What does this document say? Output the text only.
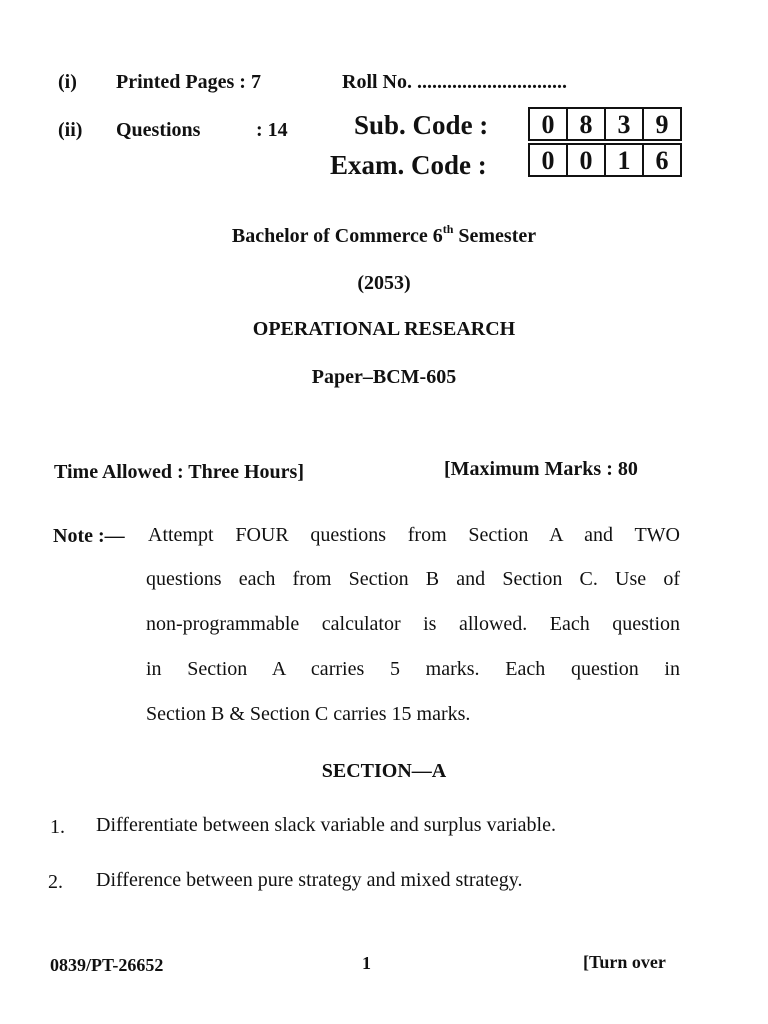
(i) Printed Pages : 7	Roll No. ..............................
(ii) Questions	: 14 Sub. Code :	0 8 3 9
Exam. Code :	0 0 1 6
Bachelor of Commerce 6th Semester
(2053)
OPERATIONAL RESEARCH
Paper–BCM-605
Time Allowed : Three Hours]	[Maximum Marks : 80
Note :— Attempt FOUR questions from Section A and TWO
questions each from Section B and Section C. Use of
non-programmable calculator is allowed. Each question
in Section A carries 5 marks. Each question in
Section B & Section C carries 15 marks.
SECTION—A
1. Differentiate between slack variable and surplus variable.
2. Difference between pure strategy and mixed strategy.
0839/PT-26652	1	[Turn over
